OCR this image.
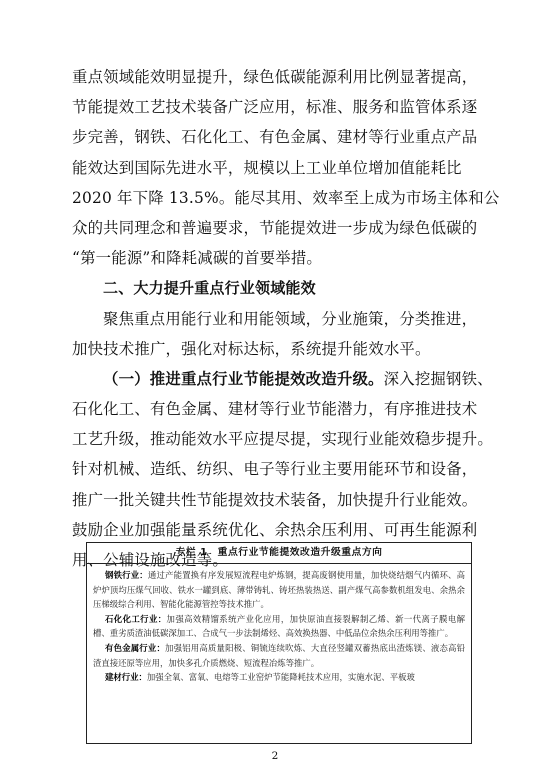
重点领域能效明显提升，绿色低碳能源利用比例显著提高，
节能提效工艺技术装备广泛应用，标准、服务和监管体系逐
步完善，钢铁、石化化工、有色金属、建材等行业重点产品
能效达到国际先进水平，规模以上工业单位增加值能耗比
2020 年下降 13.5%。能尽其用、效率至上成为市场主体和公
众的共同理念和普遍要求，节能提效进一步成为绿色低碳的
“第一能源”和降耗减碳的首要举措。
二、大力提升重点行业领域能效
聚焦重点用能行业和用能领域，分业施策，分类推进，
加快技术推广，强化对标达标，系统提升能效水平。
（一）推进重点行业节能提效改造升级。深入挖掘钢铁、
石化化工、有色金属、建材等行业节能潜力，有序推进技术
工艺升级，推动能效水平应提尽提，实现行业能效稳步提升。
针对机械、造纸、纺织、电子等行业主要用能环节和设备，
推广一批关键共性节能提效技术装备，加快提升行业能效。
鼓励企业加强能量系统优化、余热余压利用、可再生能源利
用、公辅设施改造等。
专栏 1　重点行业节能提效改造升级重点方向

钢铁行业：通过产能置换有序发展短流程电炉炼钢，提高废钢使用量，加快烧结烟气内循环、高炉炉顶均压煤气回收、铁水一罐到底、薄带铸轧、铸坯热装热送、副产煤气高参数机组发电、余热余压梯级综合利用、智能化能源管控等技术推广。

石化化工行业：加强高效精馏系统产业化应用，加快原油直接裂解制乙烯、新一代离子膜电解槽、重劣质渣油低碳深加工、合成气一步法制烯烃、高效换热器、中低品位余热余压利用等推广。

有色金属行业：加强铝用高质量阳极、铜锍连续吹炼、大直径竖罐双蓄热底出渣炼镁、液态高铅渣直接还原等应用，加快多孔介质燃烧、短流程冶炼等推广。

建材行业：加强全氧、富氧、电熔等工业窑炉节能降耗技术应用，实施水泥、平板玻

2
